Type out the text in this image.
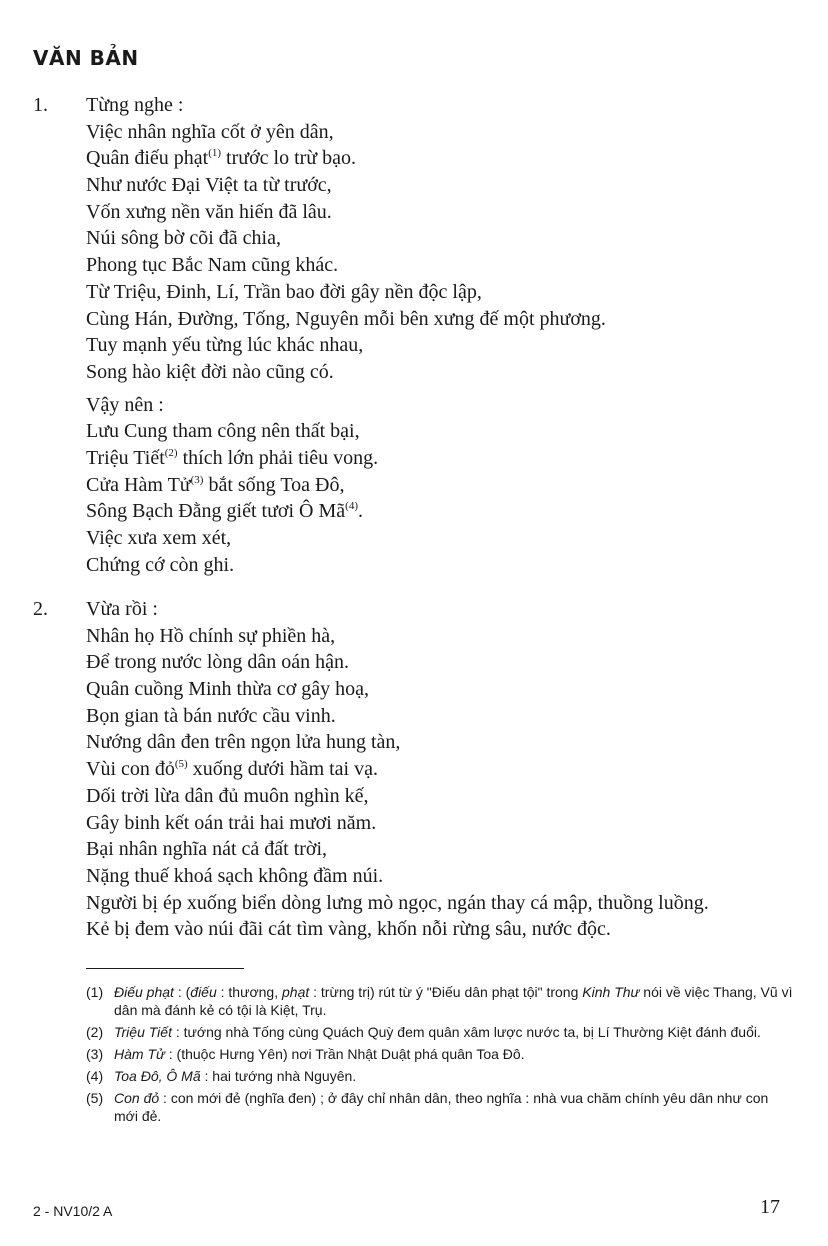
VĂN BẢN
1. Từng nghe :
Việc nhân nghĩa cốt ở yên dân,
Quân điếu phạt$^{(1)}$ trước lo trừ bạo.
Như nước Đại Việt ta từ trước,
Vốn xưng nền văn hiến đã lâu.
Núi sông bờ cõi đã chia,
Phong tục Bắc Nam cũng khác.
Từ Triệu, Đinh, Lí, Trần bao đời gây nền độc lập,
Cùng Hán, Đường, Tống, Nguyên mỗi bên xưng đế một phương.
Tuy mạnh yếu từng lúc khác nhau,
Song hào kiệt đời nào cũng có.
Vậy nên :
Lưu Cung tham công nên thất bại,
Triệu Tiết$^{(2)}$ thích lớn phải tiêu vong.
Cửa Hàm Tử$^{(3)}$ bắt sống Toa Đô,
Sông Bạch Đằng giết tươi Ô $Mã^{(4)}$.
Việc xưa xem xét,
Chứng cớ còn ghi.
2. Vừa rồi :
Nhân họ Hồ chính sự phiền hà,
Để trong nước lòng dân oán hận.
Quân cuồng Minh thừa cơ gây hoạ,
Bọn gian tà bán nước cầu vinh.
Nướng dân đen trên ngọn lửa hung tàn,
Vùi con đỏ$^{(5)}$ xuống dưới hầm tai vạ.
Dối trời lừa dân đủ muôn nghìn kế,
Gây binh kết oán trải hai mươi năm.
Bại nhân nghĩa nát cả đất trời,
Nặng thuế khoá sạch không đầm núi.
Người bị ép xuống biển dòng lưng mò ngọc, ngán thay cá mập, thuồng luồng.
Kẻ bị đem vào núi đãi cát tìm vàng, khốn nỗi rừng sâu, nước độc.
(1) Điếu phạt : (điếu : thương, phạt : trừng trị) rút từ ý "Điếu dân phạt tội" trong Kinh Thư nói về việc Thang, Vũ vì dân mà đánh kẻ có tội là Kiệt, Trụ.
(2) Triệu Tiết : tướng nhà Tống cùng Quách Quỳ đem quân xâm lược nước ta, bị Lí Thường Kiệt đánh đuổi.
(3) Hàm Tử : (thuộc Hưng Yên) nơi Trần Nhật Duật phá quân Toa Đô.
(4) Toa Đô, Ô Mã : hai tướng nhà Nguyên.
(5) Con đỏ : con mới đẻ (nghĩa đen) ; ở đây chỉ nhân dân, theo nghĩa : nhà vua chăm chính yêu dân như con mới đẻ.
2 - NV10/2 A	17
